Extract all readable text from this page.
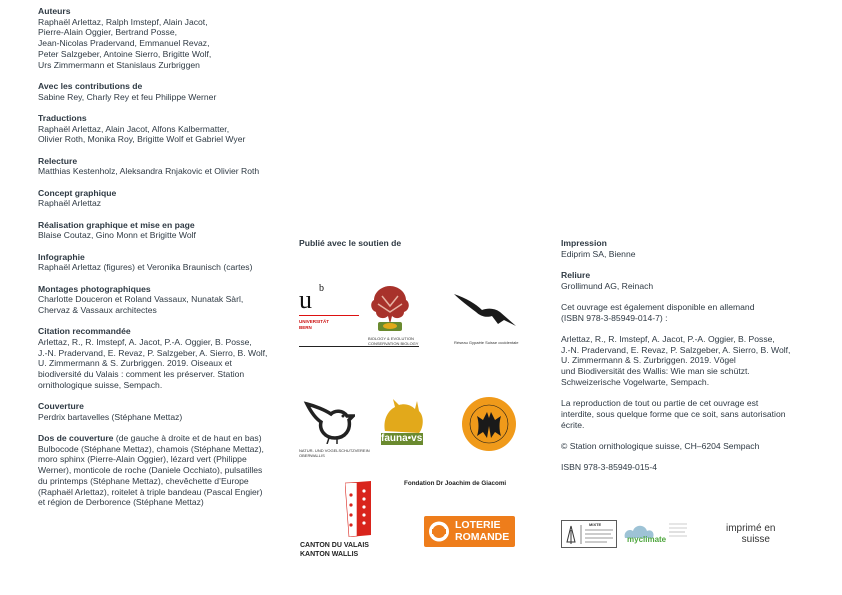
Auteurs
Raphaël Arlettaz, Ralph Imstepf, Alain Jacot,
Pierre-Alain Oggier, Bertrand Posse,
Jean-Nicolas Pradervand, Emmanuel Revaz,
Peter Salzgeber, Antoine Sierro, Brigitte Wolf,
Urs Zimmermann et Stanislaus Zurbriggen
Avec les contributions de
Sabine Rey, Charly Rey et feu Philippe Werner
Traductions
Raphaël Arlettaz, Alain Jacot, Alfons Kalbermatter,
Olivier Roth, Monika Roy, Brigitte Wolf et Gabriel Wyer
Relecture
Matthias Kestenholz, Aleksandra Rnjakovic et Olivier Roth
Concept graphique
Raphaël Arlettaz
Réalisation graphique et mise en page
Blaise Coutaz, Gino Monn et Brigitte Wolf
Infographie
Raphaël Arlettaz (figures) et Veronika Braunisch (cartes)
Montages photographiques
Charlotte Douceron et Roland Vassaux, Nunatak Sàrl,
Chervaz & Vassaux architectes
Citation recommandée
Arlettaz, R., R. Imstepf, A. Jacot, P.-A. Oggier, B. Posse,
J.-N. Pradervand, E. Revaz, P. Salzgeber, A. Sierro, B. Wolf,
U. Zimmermann & S. Zurbriggen. 2019. Oiseaux et
biodiversité du Valais : comment les préserver. Station
ornithologique suisse, Sempach.
Couverture
Perdrix bartavelles (Stéphane Mettaz)
Dos de couverture (de gauche à droite et de haut en bas)
Bulbocode (Stéphane Mettaz), chamois (Stéphane Mettaz),
moro sphinx (Pierre-Alain Oggier), lézard vert (Philippe
Werner), monticole de roche (Daniele Occhiato), pulsatilles
du printemps (Stéphane Mettaz), chevêchette d’Europe
(Raphaël Arlettaz), roitelet à triple bandeau (Pascal Engier)
et région de Derborence (Stéphane Mettaz)
Publié avec le soutien de
u b
UNIVERSITÄT
BERN
BIOLOGY & EVOLUTION CONSERVATION BIOLOGY	Réseau Gypaète Suisse occidentale
NATUR- UND VOGELSCHUTZVEREIN OBERWALLIS
fauna•vs
Fondation Dr Joachim de Giacomi
CANTON DU VALAIS
KANTON WALLIS
LOTERIE
ROMANDE
Impression
Ediprim SA, Bienne
Reliure
Grollimund AG, Reinach
Cet ouvrage est également disponible en allemand
(ISBN 978-3-85949-014-7) :
Arlettaz, R., R. Imstepf, A. Jacot, P.-A. Oggier, B. Posse,
J.-N. Pradervand, E. Revaz, P. Salzgeber, A. Sierro, B. Wolf,
U. Zimmermann & S. Zurbriggen. 2019. Vögel
und Biodiversität des Wallis: Wie man sie schützt.
Schweizerische Vogelwarte, Sempach.
La reproduction de tout ou partie de cet ouvrage est
interdite, sous quelque forme que ce soit, sans autorisation
écrite.
© Station ornithologique suisse, CH–6204 Sempach
ISBN 978-3-85949-015-4
MIXTE
myclimate
imprimé en
suisse
